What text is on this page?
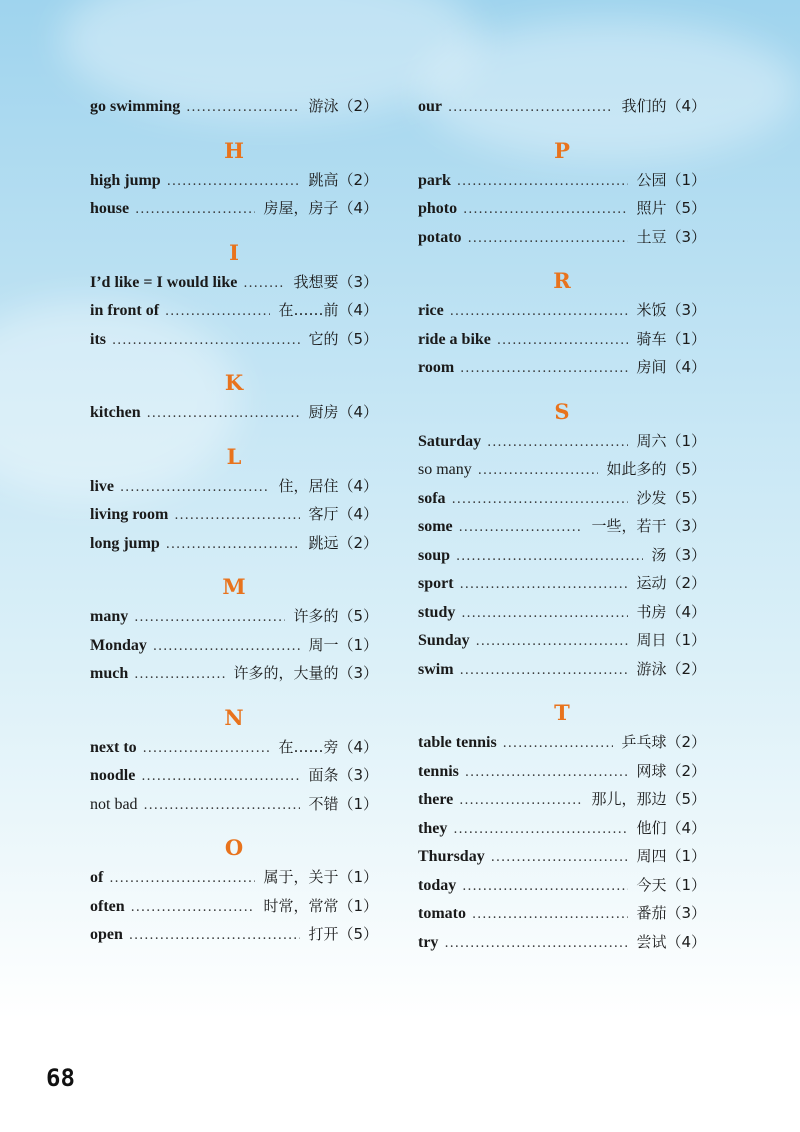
go swimming .....	游泳（2）
H
high jump .....	跳高（2）
house .....	房屋，房子（4）
I
I’d like = I would like .....	我想要（3）
in front of .....	在……前（4）
its .....	它的（5）
K
kitchen .....	厨房（4）
L
live .....	住，居住（4）
living room .....	客厅（4）
long jump .....	跳远（2）
M
many .....	许多的（5）
Monday .....	周一（1）
much .....	许多的，大量的（3）
N
next to .....	在……旁（4）
noodle .....	面条（3）
not bad .....	不错（1）
O
of .....	属于，关于（1）
often .....	时常，常常（1）
open .....	打开（5）
our .....	我们的（4）
P
park .....	公园（1）
photo .....	照片（5）
potato .....	土豆（3）
R
rice .....	米饭（3）
ride a bike .....	骑车（1）
room .....	房间（4）
S
Saturday .....	周六（1）
so many .....	如此多的（5）
sofa .....	沙发（5）
some .....	一些，若干（3）
soup .....	汤（3）
sport .....	运动（2）
study .....	书房（4）
Sunday .....	周日（1）
swim .....	游泳（2）
T
table tennis .....	乒乓球（2）
tennis .....	网球（2）
there .....	那儿，那边（5）
they .....	他们（4）
Thursday .....	周四（1）
today .....	今天（1）
tomato .....	番茄（3）
try .....	尝试（4）
68
